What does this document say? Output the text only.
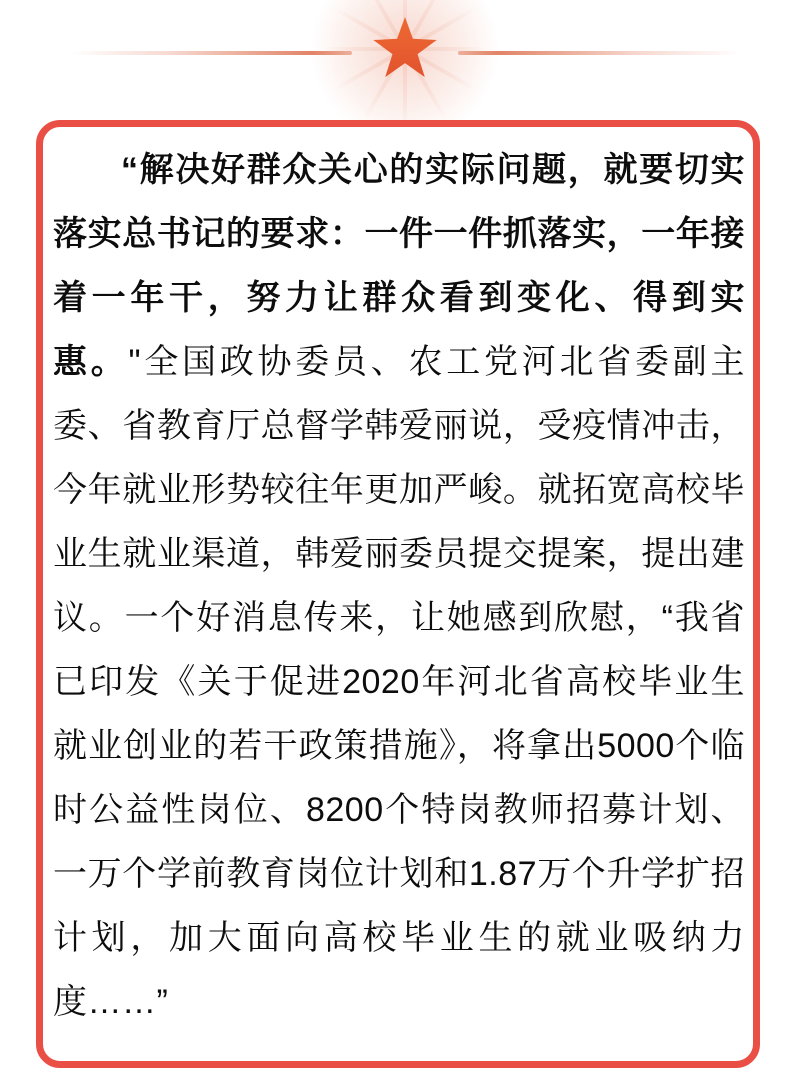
“解决好群众关心的实际问题，就要切实落实总书记的要求：一件一件抓落实，一年接着一年干，努力让群众看到变化、得到实惠。"全国政协委员、农工党河北省委副主委、省教育厅总督学韩爱丽说，受疫情冲击，今年就业形势较往年更加严峻。就拓宽高校毕业生就业渠道，韩爱丽委员提交提案，提出建议。一个好消息传来，让她感到欣慰，“我省已印发《关于促进2020年河北省高校毕业生就业创业的若干政策措施》，将拿出5000个临时公益性岗位、8200个特岗教师招募计划、一万个学前教育岗位计划和1.87万个升学扩招计划，加大面向高校毕业生的就业吸纳力度……”
